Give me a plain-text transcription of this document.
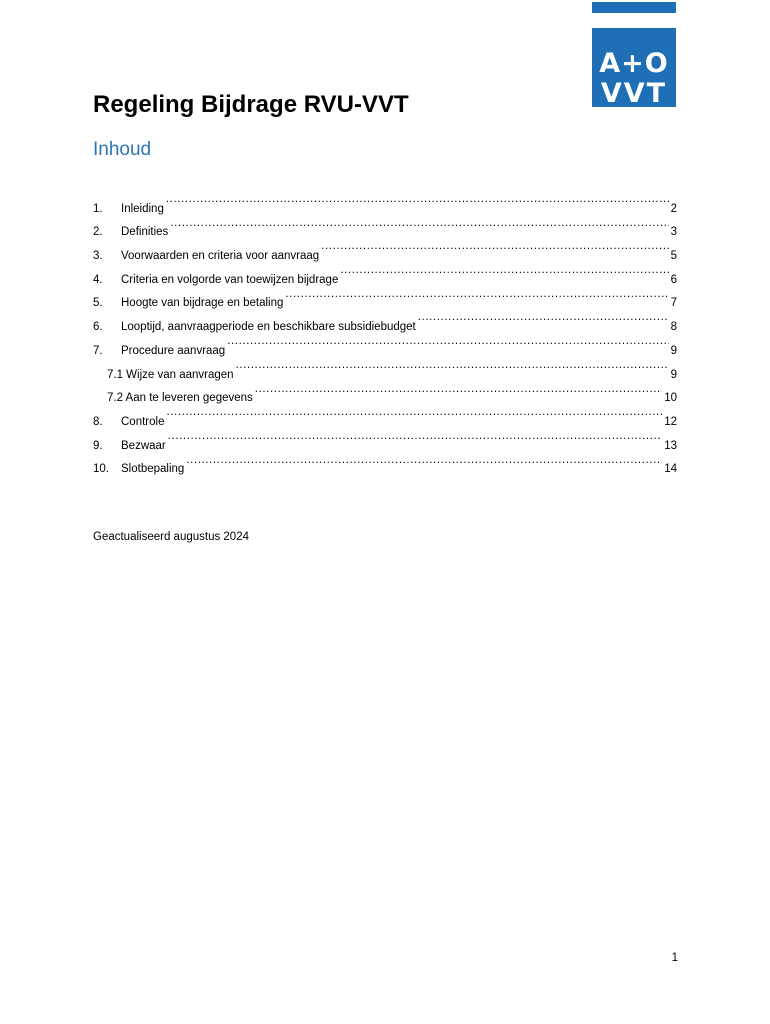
A+O
VVT
Regeling Bijdrage RVU-VVT
Inhoud
1.	Inleiding .....	2
2.	Definities .....	3
3.	Voorwaarden en criteria voor aanvraag .....	5
4.	Criteria en volgorde van toewijzen bijdrage .....	6
5.	Hoogte van bijdrage en betaling .....	7
6.	Looptijd, aanvraagperiode en beschikbare subsidiebudget .....	8
7.	Procedure aanvraag .....	9
7.1 Wijze van aanvragen .....	9
7.2 Aan te leveren gegevens .....	10
8.	Controle .....	12
9.	Bezwaar .....	13
10.	Slotbepaling .....	14
Geactualiseerd augustus 2024
1
